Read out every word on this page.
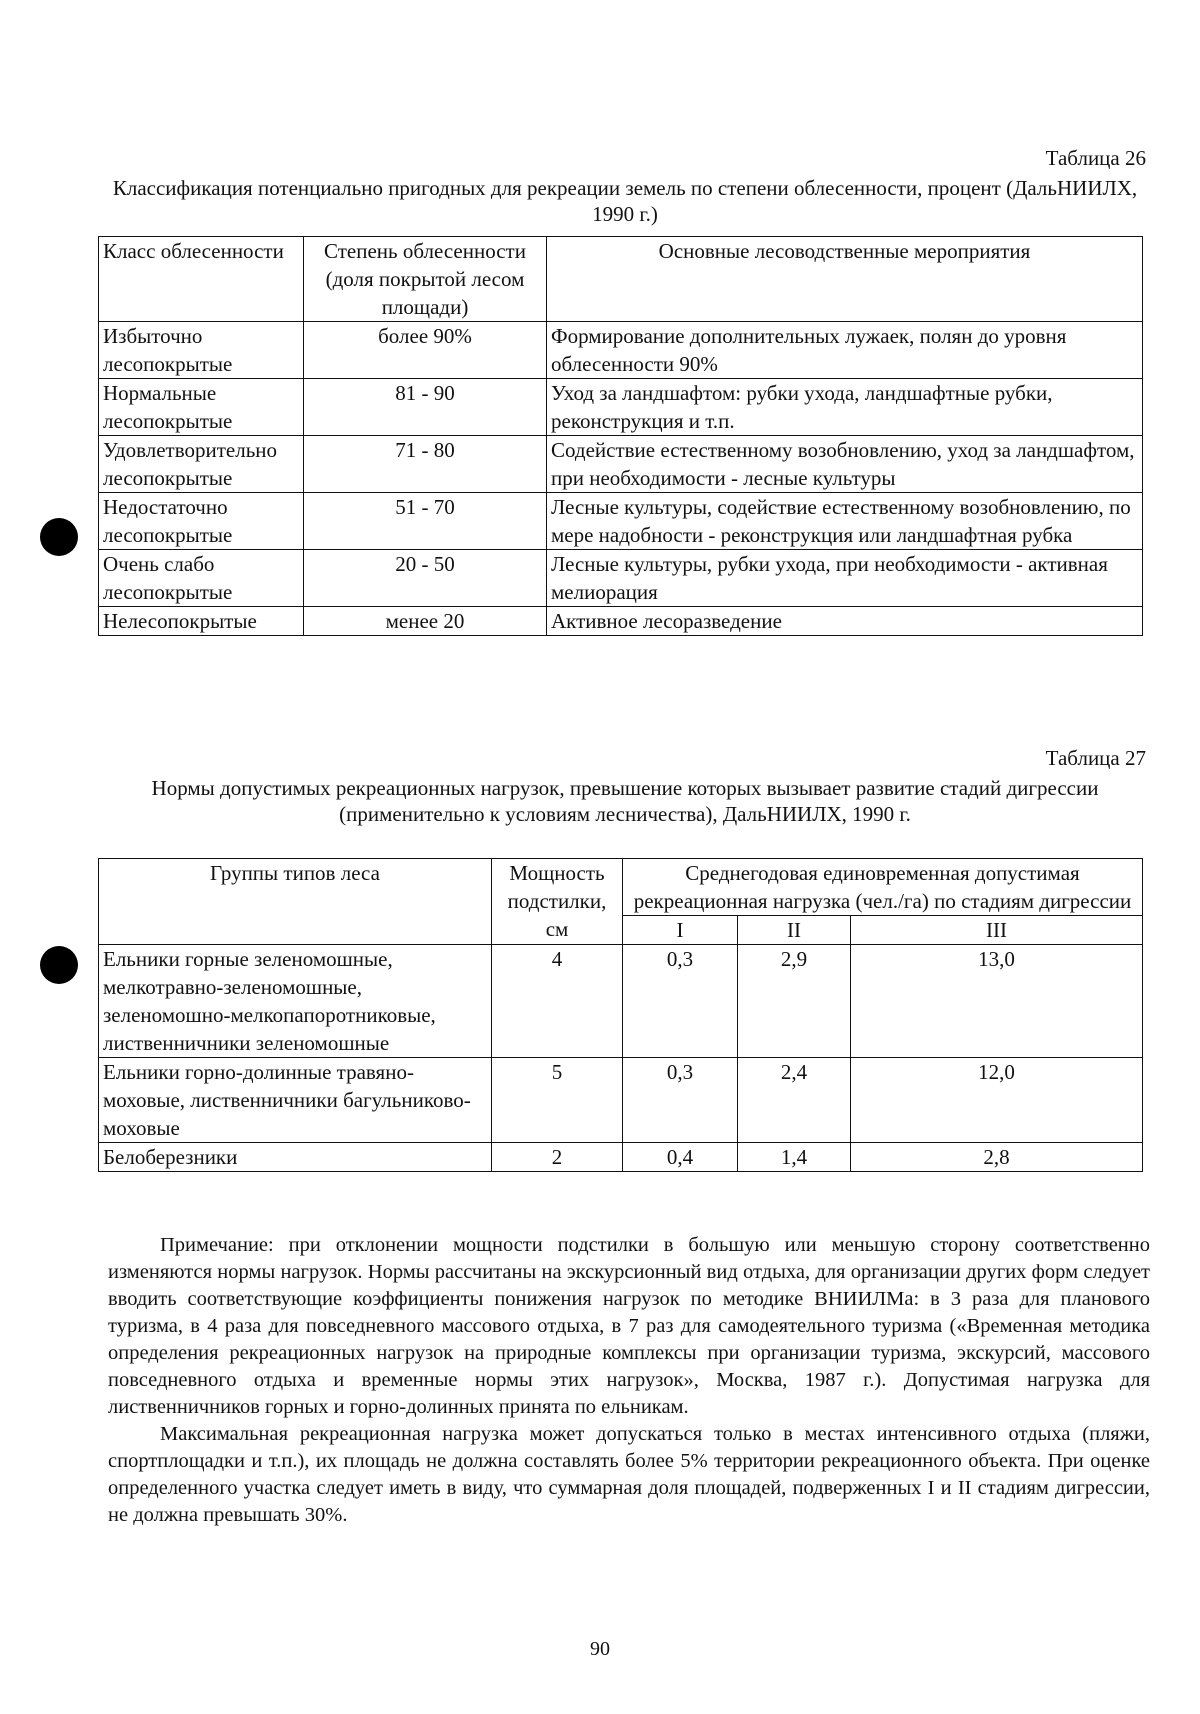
Таблица 26
Классификация потенциально пригодных для рекреации земель по степени облесенности, процент (ДальНИИЛХ, 1990 г.)
Класс облесенности	Степень облесенности (доля покрытой лесом площади)	Основные лесоводственные мероприятия
Избыточно лесопокрытые	более 90%	Формирование дополнительных лужаек, полян до уровня облесенности 90%
Нормальные лесопокрытые	81 - 90	Уход за ландшафтом: рубки ухода, ландшафтные рубки, реконструкция и т.п.
Удовлетворительно лесопокрытые	71 - 80	Содействие естественному возобновлению, уход за ландшафтом, при необходимости - лесные культуры
Недостаточно лесопокрытые	51 - 70	Лесные культуры, содействие естественному возобновлению, по мере надобности - реконструкция или ландшафтная рубка
Очень слабо лесопокрытые	20 - 50	Лесные культуры, рубки ухода, при необходимости - активная мелиорация
Нелесопокрытые	менее 20	Активное лесоразведение
Таблица 27
Нормы допустимых рекреационных нагрузок, превышение которых вызывает развитие стадий дигрессии (применительно к условиям лесничества), ДальНИИЛХ, 1990 г.
Группы типов леса	Мощность подстилки, см	Среднегодовая единовременная допустимая рекреационная нагрузка (чел./га) по стадиям дигрессии		
		I	II	III
Ельники горные зеленомошные, мелкотравно-зеленомошные, зеленомошно-мелкопапоротниковые, лиственничники зеленомошные	4	0,3	2,9	13,0
Ельники горно-долинные травяно-моховые, лиственничники багульниково-моховые	5	0,3	2,4	12,0
Белоберезники	2	0,4	1,4	2,8

Примечание: при отклонении мощности подстилки в большую или меньшую сторону соответственно изменяются нормы нагрузок. Нормы рассчитаны на экскурсионный вид отдыха, для организации других форм следует вводить соответствующие коэффициенты понижения нагрузок по методике ВНИИЛМа: в 3 раза для планового туризма, в 4 раза для повседневного массового отдыха, в 7 раз для самодеятельного туризма («Временная методика определения рекреационных нагрузок на природные комплексы при организации туризма, экскурсий, массового повседневного отдыха и временные нормы этих нагрузок», Москва, 1987 г.). Допустимая нагрузка для лиственничников горных и горно-долинных принята по ельникам.

Максимальная рекреационная нагрузка может допускаться только в местах интенсивного отдыха (пляжи, спортплощадки и т.п.), их площадь не должна составлять более 5% территории рекреационного объекта. При оценке определенного участка следует иметь в виду, что суммарная доля площадей, подверженных I и II стадиям дигрессии, не должна превышать 30%.

90
